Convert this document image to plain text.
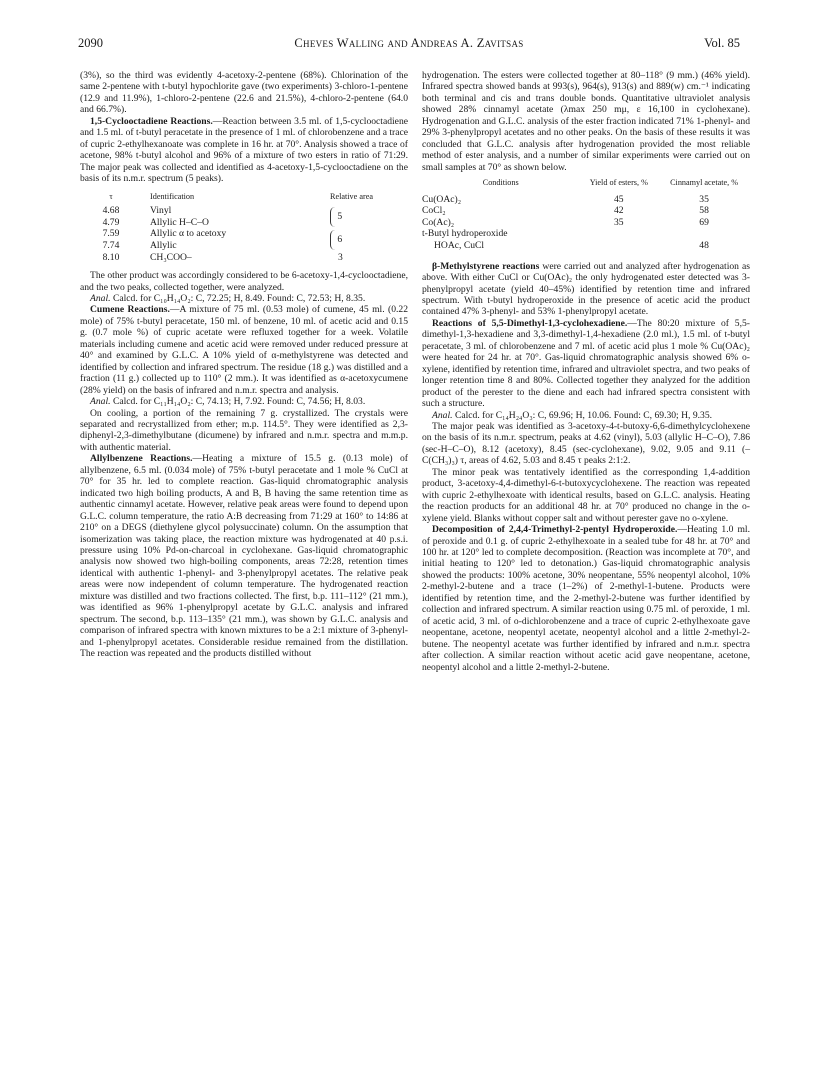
2090	Cheves Walling and Andreas A. Zavitsas	Vol. 85

(3%), so the third was evidently 4-acetoxy-2-pentene (68%). Chlorination of the same 2-pentene with t-butyl hypochlorite gave (two experiments) 3-chloro-1-pentene (12.9 and 11.9%), 1-chloro-2-pentene (22.6 and 21.5%), 4-chloro-2-pentene (64.0 and 66.7%).

1,5-Cyclooctadiene Reactions.—Reaction between 3.5 ml. of 1,5-cyclooctadiene and 1.5 ml. of t-butyl peracetate in the presence of 1 ml. of chlorobenzene and a trace of cupric 2-ethylhexanoate was complete in 16 hr. at 70°. Analysis showed a trace of acetone, 98% t-butyl alcohol and 96% of a mixture of two esters in ratio of 71:29. The major peak was collected and identified as 4-acetoxy-1,5-cyclooctadiene on the basis of its n.m.r. spectrum (5 peaks).

τ	Identification	Relative area
4.68	Vinyl	5
4.79	Allylic H–C–O	
7.59	Allylic α to acetoxy	6
7.74	Allylic	
8.10	CH₃COO–	3

The other product was accordingly considered to be 6-acetoxy-1,4-cyclooctadiene, and the two peaks, collected together, were analyzed.

Anal. Calcd. for C₁₀H₁₄O₂: C, 72.25; H, 8.49. Found: C, 72.53; H, 8.35.

Cumene Reactions.—A mixture of 75 ml. (0.53 mole) of cumene, 45 ml. (0.22 mole) of 75% t-butyl peracetate, 150 ml. of benzene, 10 ml. of acetic acid and 0.15 g. (0.7 mole %) of cupric acetate were refluxed together for a week. Volatile materials including cumene and acetic acid were removed under reduced pressure at 40° and examined by G.L.C. A 10% yield of α-methylstyrene was detected and identified by collection and infrared spectrum. The residue (18 g.) was distilled and a fraction (11 g.) collected up to 110° (2 mm.). It was identified as α-acetoxycumene (28% yield) on the basis of infrared and n.m.r. spectra and analysis.

Anal. Calcd. for C₁₁H₁₄O₂: C, 74.13; H, 7.92. Found: C, 74.56; H, 8.03.

On cooling, a portion of the remaining 7 g. crystallized. The crystals were separated and recrystallized from ether; m.p. 114.5°. They were identified as 2,3-diphenyl-2,3-dimethylbutane (dicumene) by infrared and n.m.r. spectra and m.m.p. with authentic material.

Allylbenzene Reactions.—Heating a mixture of 15.5 g. (0.13 mole) of allylbenzene, 6.5 ml. (0.034 mole) of 75% t-butyl peracetate and 1 mole % CuCl at 70° for 35 hr. led to complete reaction. Gas-liquid chromatographic analysis indicated two high boiling products, A and B, B having the same retention time as authentic cinnamyl acetate. However, relative peak areas were found to depend upon G.L.C. column temperature, the ratio A:B decreasing from 71:29 at 160° to 14:86 at 210° on a DEGS (diethylene glycol polysuccinate) column. On the assumption that isomerization was taking place, the reaction mixture was hydrogenated at 40 p.s.i. pressure using 10% Pd-on-charcoal in cyclohexane. Gas-liquid chromatographic analysis now showed two high-boiling components, areas 72:28, retention times identical with authentic 1-phenyl- and 3-phenylpropyl acetates. The relative peak areas were now independent of column temperature. The hydrogenated reaction mixture was distilled and two fractions collected. The first, b.p. 111–112° (21 mm.), was identified as 96% 1-phenylpropyl acetate by G.L.C. analysis and infrared spectrum. The second, b.p. 113–135° (21 mm.), was shown by G.L.C. analysis and comparison of infrared spectra with known mixtures to be a 2:1 mixture of 3-phenyl- and 1-phenylpropyl acetates. Considerable residue remained from the distillation. The reaction was repeated and the products distilled without

hydrogenation. The esters were collected together at 80–118° (9 mm.) (46% yield). Infrared spectra showed bands at 993(s), 964(s), 913(s) and 889(w) cm.⁻¹ indicating both terminal and cis and trans double bonds. Quantitative ultraviolet analysis showed 28% cinnamyl acetate (λmax 250 mμ, ε 16,100 in cyclohexane). Hydrogenation and G.L.C. analysis of the ester fraction indicated 71% 1-phenyl- and 29% 3-phenylpropyl acetates and no other peaks. On the basis of these results it was concluded that G.L.C. analysis after hydrogenation provided the most reliable method of ester analysis, and a number of similar experiments were carried out on small samples at 70° as shown below.

Conditions	Yield of esters, %	Cinnamyl acetate, %
Cu(OAc)₂	45	35
CoCl₂	42	58
Co(Ac)₂	35	69
t-Butyl hydroperoxide		
HOAc, CuCl		48

β-Methylstyrene reactions were carried out and analyzed after hydrogenation as above. With either CuCl or Cu(OAc)₂ the only hydrogenated ester detected was 3-phenylpropyl acetate (yield 40–45%) identified by retention time and infrared spectrum. With t-butyl hydroperoxide in the presence of acetic acid the product contained 47% 3-phenyl- and 53% 1-phenylpropyl acetate.

Reactions of 5,5-Dimethyl-1,3-cyclohexadiene.—The 80:20 mixture of 5,5-dimethyl-1,3-hexadiene and 3,3-dimethyl-1,4-hexadiene (2.0 ml.), 1.5 ml. of t-butyl peracetate, 3 ml. of chlorobenzene and 7 ml. of acetic acid plus 1 mole % Cu(OAc)₂ were heated for 24 hr. at 70°. Gas-liquid chromatographic analysis showed 6% o-xylene, identified by retention time, infrared and ultraviolet spectra, and two peaks of longer retention time 8 and 80%. Collected together they analyzed for the addition product of the perester to the diene and each had infrared spectra consistent with such a structure.

Anal. Calcd. for C₁₄H₂₄O₃: C, 69.96; H, 10.06. Found: C, 69.30; H, 9.35.

The major peak was identified as 3-acetoxy-4-t-butoxy-6,6-dimethylcyclohexene on the basis of its n.m.r. spectrum, peaks at 4.62 (vinyl), 5.03 (allylic H–C–O), 7.86 (sec-H–C–O), 8.12 (acetoxy), 8.45 (sec-cyclohexane), 9.02, 9.05 and 9.11 (–C(CH₃)₃) τ, areas of 4.62, 5.03 and 8.45 τ peaks 2:1:2.

The minor peak was tentatively identified as the corresponding 1,4-addition product, 3-acetoxy-4,4-dimethyl-6-t-butoxycyclohexene. The reaction was repeated with cupric 2-ethylhexoate with identical results, based on G.L.C. analysis. Heating the reaction products for an additional 48 hr. at 70° produced no change in the o-xylene yield. Blanks without copper salt and without perester gave no o-xylene.

Decomposition of 2,4,4-Trimethyl-2-pentyl Hydroperoxide.—Heating 1.0 ml. of peroxide and 0.1 g. of cupric 2-ethylhexoate in a sealed tube for 48 hr. at 70° and 100 hr. at 120° led to complete decomposition. (Reaction was incomplete at 70°, and initial heating to 120° led to detonation.) Gas-liquid chromatographic analysis showed the products: 100% acetone, 30% neopentane, 55% neopentyl alcohol, 10% 2-methyl-2-butene and a trace (1–2%) of 2-methyl-1-butene. Products were identified by retention time, and the 2-methyl-2-butene was further identified by collection and infrared spectrum. A similar reaction using 0.75 ml. of peroxide, 1 ml. of acetic acid, 3 ml. of o-dichlorobenzene and a trace of cupric 2-ethylhexoate gave neopentane, acetone, neopentyl acetate, neopentyl alcohol and a little 2-methyl-2-butene. The neopentyl acetate was further identified by infrared and n.m.r. spectra after collection. A similar reaction without acetic acid gave neopentane, acetone, neopentyl alcohol and a little 2-methyl-2-butene.
